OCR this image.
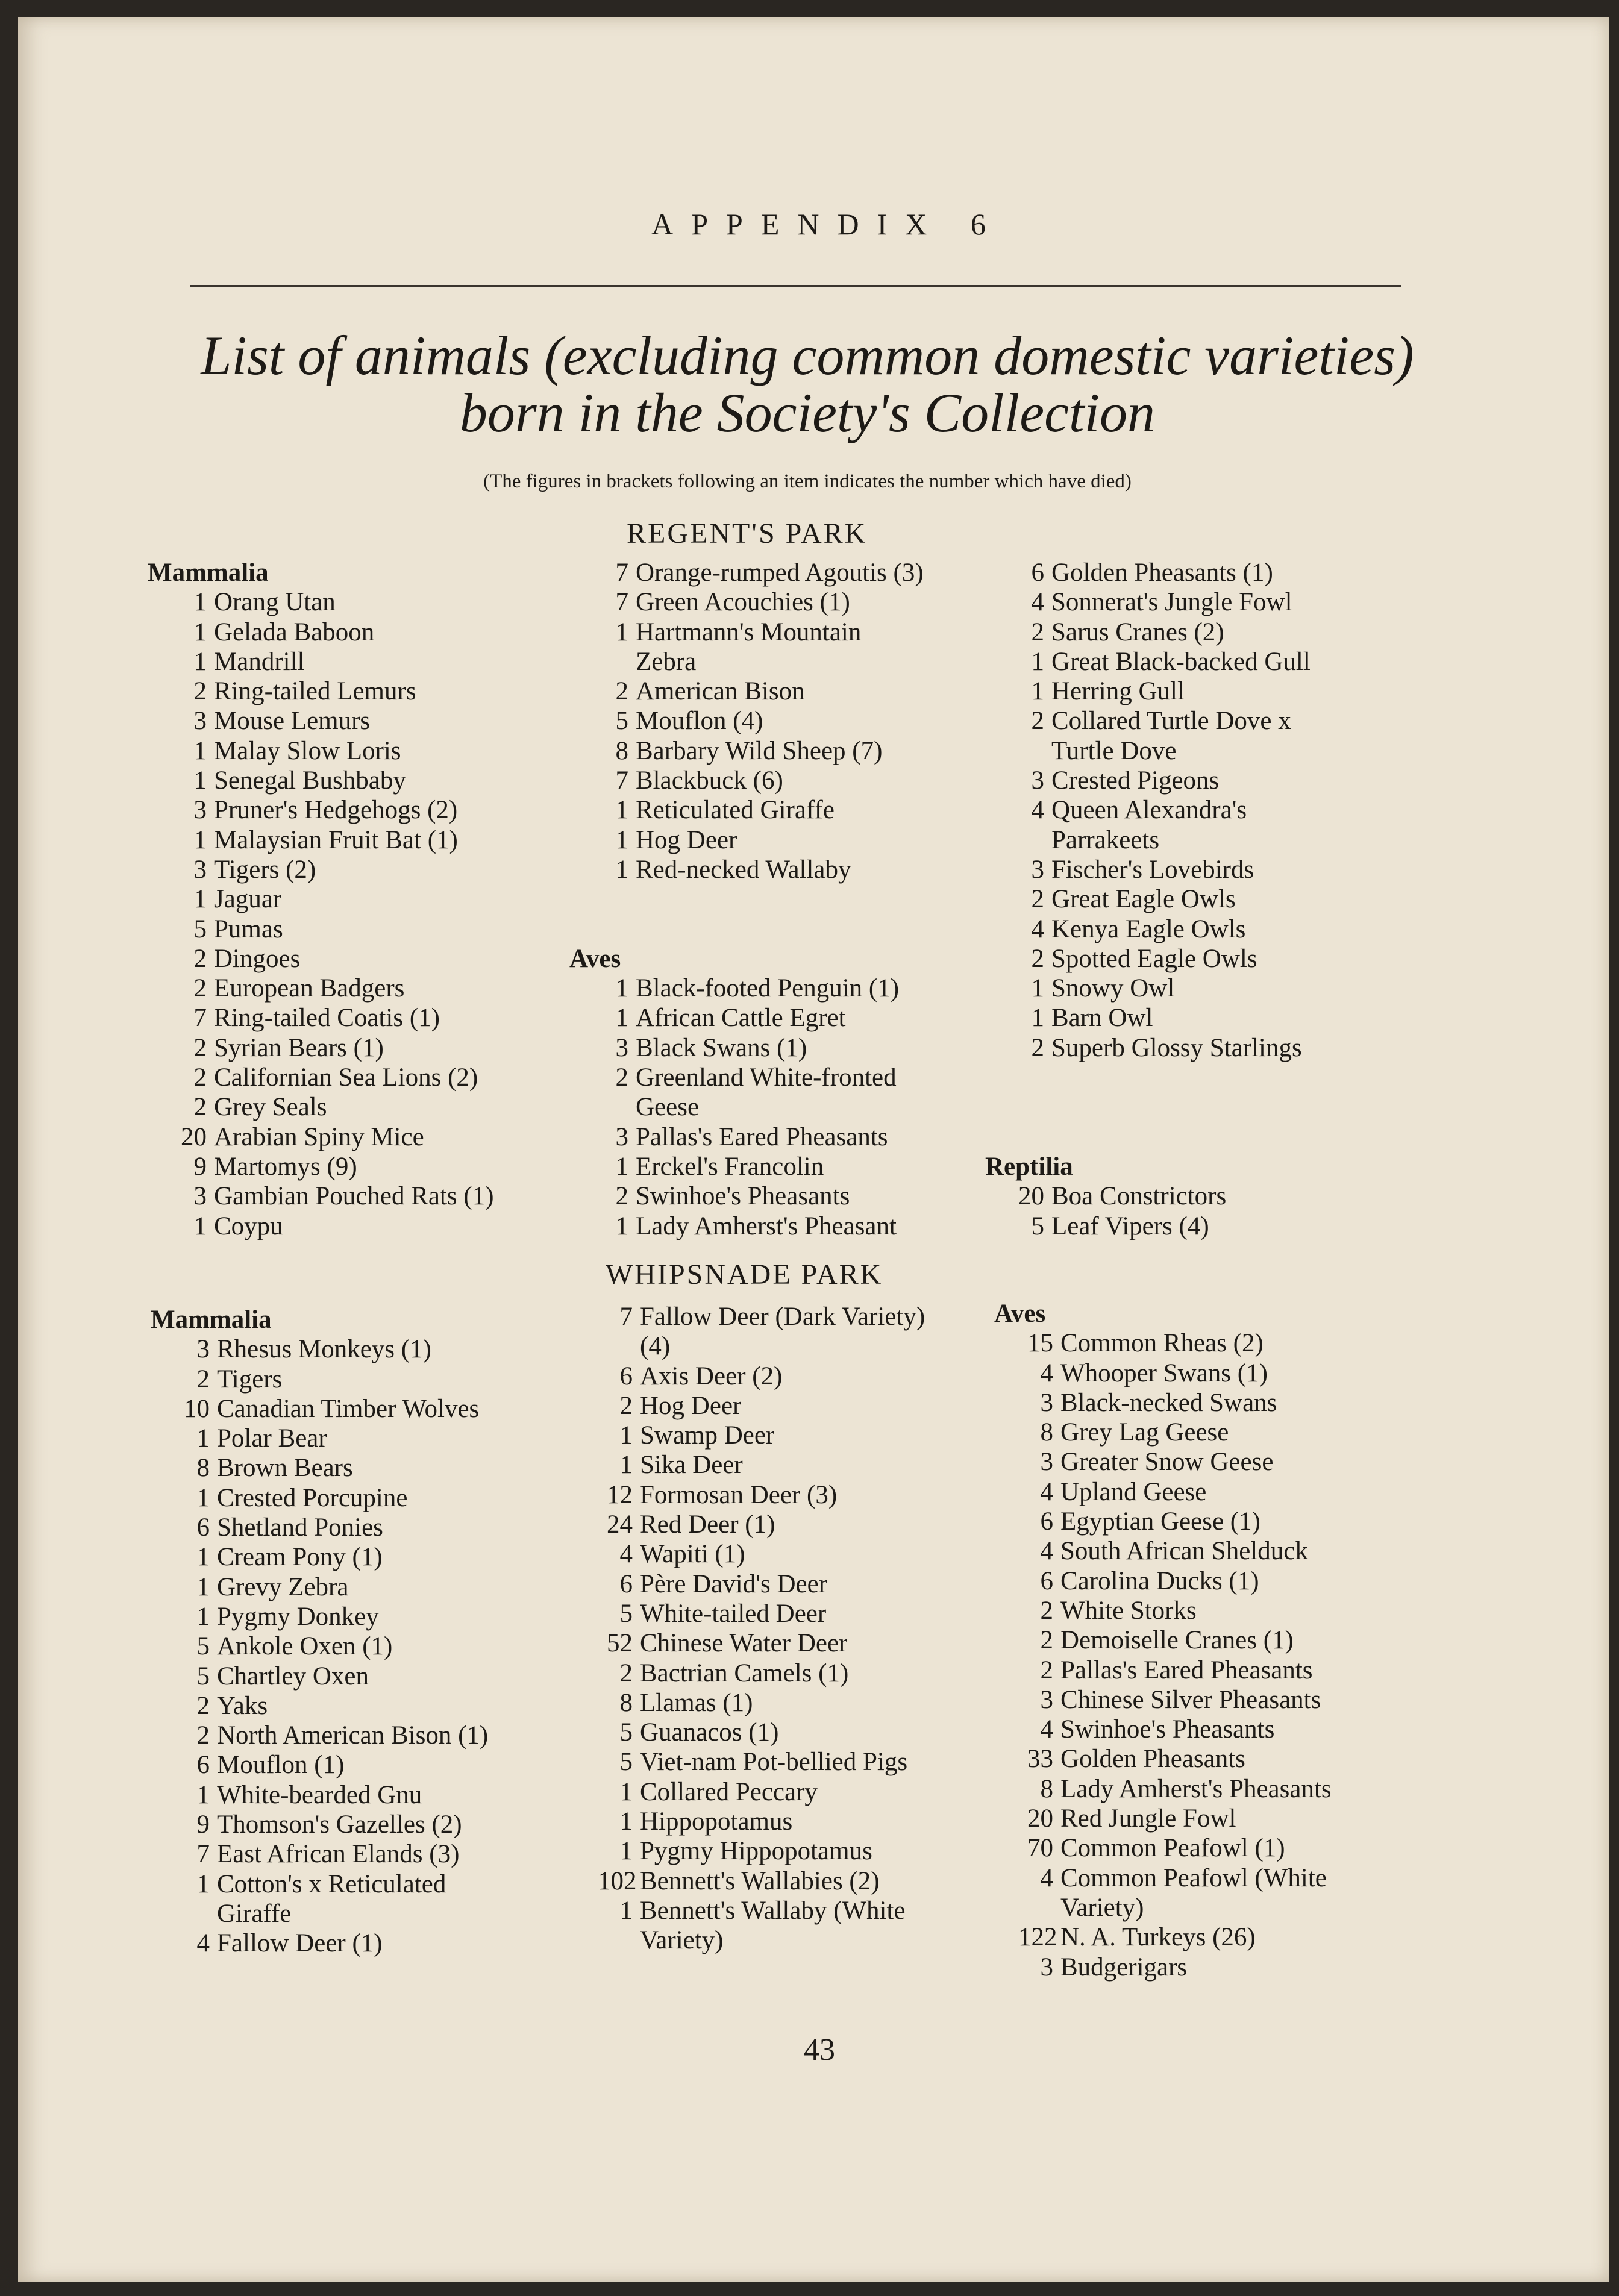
APPENDIX 6
List of animals (excluding common domestic varieties)
born in the Society's Collection
(The figures in brackets following an item indicates the number which have died)
REGENT'S PARK
Mammalia
1 Orang Utan
1 Gelada Baboon
1 Mandrill
2 Ring-tailed Lemurs
3 Mouse Lemurs
1 Malay Slow Loris
1 Senegal Bushbaby
3 Pruner's Hedgehogs (2)
1 Malaysian Fruit Bat (1)
3 Tigers (2)
1 Jaguar
5 Pumas
2 Dingoes
2 European Badgers
7 Ring-tailed Coatis (1)
2 Syrian Bears (1)
2 Californian Sea Lions (2)
2 Grey Seals
20 Arabian Spiny Mice
9 Martomys (9)
3 Gambian Pouched Rats (1)
1 Coypu
7 Orange-rumped Agoutis (3)
7 Green Acouchies (1)
1 Hartmann's Mountain
Zebra
2 American Bison
5 Mouflon (4)
8 Barbary Wild Sheep (7)
7 Blackbuck (6)
1 Reticulated Giraffe
1 Hog Deer
1 Red-necked Wallaby
Aves
1 Black-footed Penguin (1)
1 African Cattle Egret
3 Black Swans (1)
2 Greenland White-fronted
Geese
3 Pallas's Eared Pheasants
1 Erckel's Francolin
2 Swinhoe's Pheasants
1 Lady Amherst's Pheasant
6 Golden Pheasants (1)
4 Sonnerat's Jungle Fowl
2 Sarus Cranes (2)
1 Great Black-backed Gull
1 Herring Gull
2 Collared Turtle Dove x
Turtle Dove
3 Crested Pigeons
4 Queen Alexandra's
Parrakeets
3 Fischer's Lovebirds
2 Great Eagle Owls
4 Kenya Eagle Owls
2 Spotted Eagle Owls
1 Snowy Owl
1 Barn Owl
2 Superb Glossy Starlings
Reptilia
20 Boa Constrictors
5 Leaf Vipers (4)
WHIPSNADE PARK
Mammalia
3 Rhesus Monkeys (1)
2 Tigers
10 Canadian Timber Wolves
1 Polar Bear
8 Brown Bears
1 Crested Porcupine
6 Shetland Ponies
1 Cream Pony (1)
1 Grevy Zebra
1 Pygmy Donkey
5 Ankole Oxen (1)
5 Chartley Oxen
2 Yaks
2 North American Bison (1)
6 Mouflon (1)
1 White-bearded Gnu
9 Thomson's Gazelles (2)
7 East African Elands (3)
1 Cotton's x Reticulated
Giraffe
4 Fallow Deer (1)
7 Fallow Deer (Dark Variety)
(4)
6 Axis Deer (2)
2 Hog Deer
1 Swamp Deer
1 Sika Deer
12 Formosan Deer (3)
24 Red Deer (1)
4 Wapiti (1)
6 Père David's Deer
5 White-tailed Deer
52 Chinese Water Deer
2 Bactrian Camels (1)
8 Llamas (1)
5 Guanacos (1)
5 Viet-nam Pot-bellied Pigs
1 Collared Peccary
1 Hippopotamus
1 Pygmy Hippopotamus
102 Bennett's Wallabies (2)
1 Bennett's Wallaby (White
Variety)
Aves
15 Common Rheas (2)
4 Whooper Swans (1)
3 Black-necked Swans
8 Grey Lag Geese
3 Greater Snow Geese
4 Upland Geese
6 Egyptian Geese (1)
4 South African Shelduck
6 Carolina Ducks (1)
2 White Storks
2 Demoiselle Cranes (1)
2 Pallas's Eared Pheasants
3 Chinese Silver Pheasants
4 Swinhoe's Pheasants
33 Golden Pheasants
8 Lady Amherst's Pheasants
20 Red Jungle Fowl
70 Common Peafowl (1)
4 Common Peafowl (White
Variety)
122 N. A. Turkeys (26)
3 Budgerigars
43
